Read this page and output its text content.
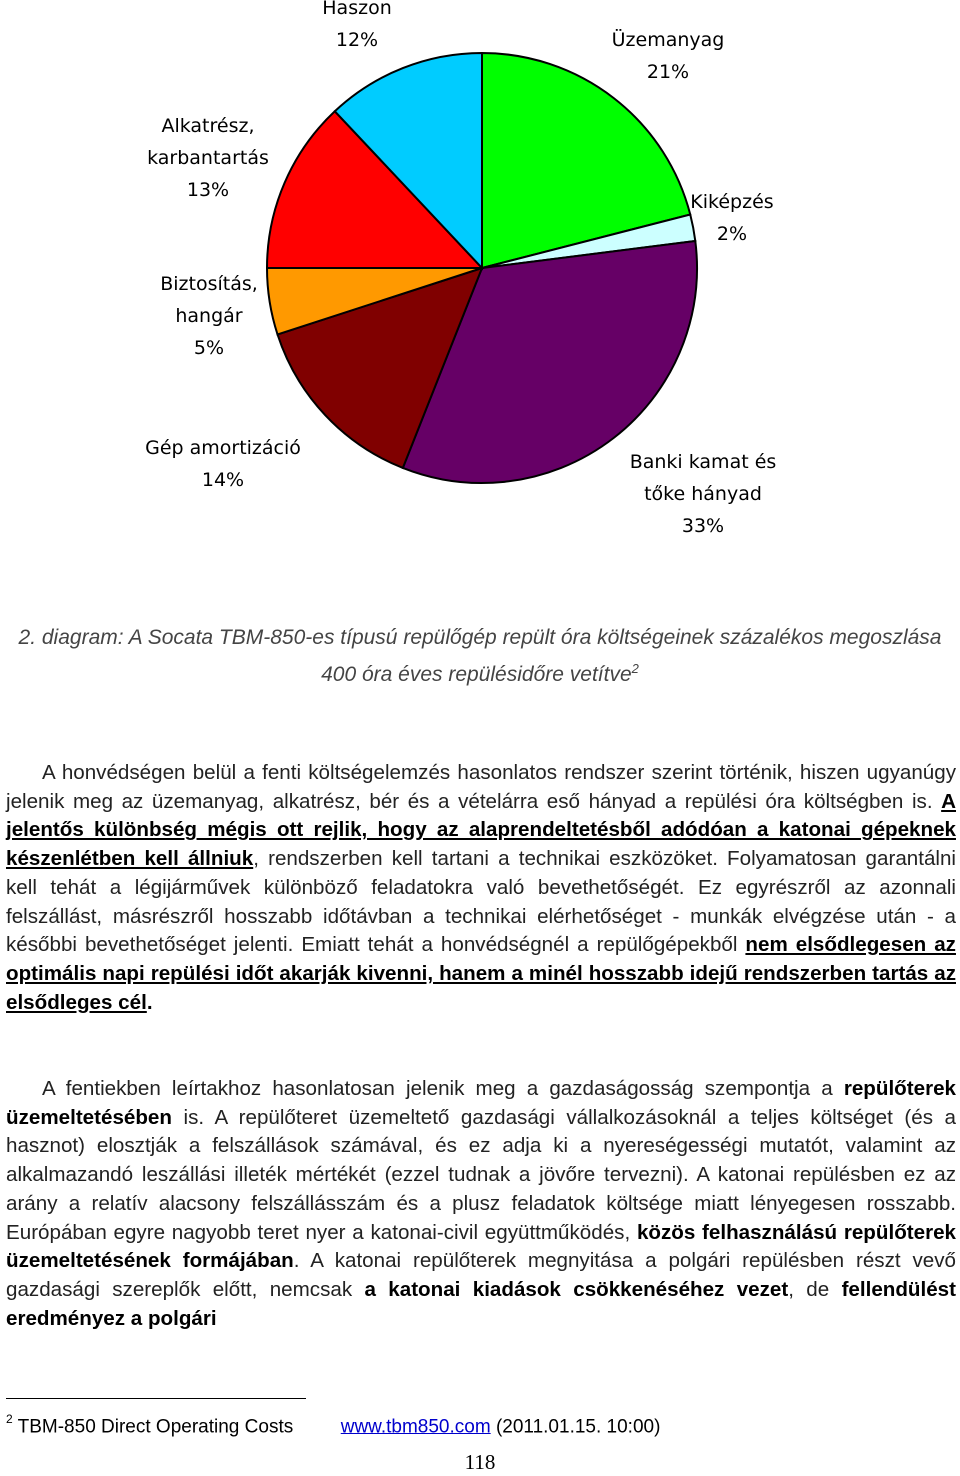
Üzemanyag
21%
Kiképzés
2%
Banki kamat és
tőke hányad
33%
Gép amortizáció
14%
Biztosítás,
hangár
5%
Alkatrész,
karbantartás
13%
Haszon
12%
2. diagram: A Socata TBM-850-es típusú repülőgép repült óra költségeinek százalékos megoszlása 400 óra éves repülésidőre vetítve$^2$

A honvédségen belül a fenti költségelemzés hasonlatos rendszer szerint történik, hiszen ugyanúgy jelenik meg az üzemanyag, alkatrész, bér és a vételárra eső hányad a repülési óra költségben is. A jelentős különbség mégis ott rejlik, hogy az alaprendeltetésből adódóan a katonai gépeknek készenlétben kell állniuk, rendszerben kell tartani a technikai eszközöket. Folyamatosan garantálni kell tehát a légijárművek különböző feladatokra való bevethetőségét. Ez egyrészről az azonnali felszállást, másrészről hosszabb időtávban a technikai elérhetőséget - munkák elvégzése után - a későbbi bevethetőséget jelenti. Emiatt tehát a honvédségnél a repülőgépekből nem elsődlegesen az optimális napi repülési időt akarják kivenni, hanem a minél hosszabb idejű rendszerben tartás az elsődleges cél.

A fentiekben leírtakhoz hasonlatosan jelenik meg a gazdaságosság szempontja a repülőterek üzemeltetésében is. A repülőteret üzemeltető gazdasági vállalkozásoknál a teljes költséget (és a hasznot) elosztják a felszállások számával, és ez adja ki a nyereségességi mutatót, valamint az alkalmazandó leszállási illeték mértékét (ezzel tudnak a jövőre tervezni). A katonai repülésben ez az arány a relatív alacsony felszállásszám és a plusz feladatok költsége miatt lényegesen rosszabb. Európában egyre nagyobb teret nyer a katonai-civil együttműködés, közös felhasználású repülőterek üzemeltetésének formájában. A katonai repülőterek megnyitása a polgári repülésben részt vevő gazdasági szereplők előtt, nemcsak a katonai kiadások csökkenéséhez vezet, de fellendülést eredményez a polgári

$^2$ TBM-850 Direct Operating Costs	www.tbm850.com (2011.01.15. 10:00)
118
